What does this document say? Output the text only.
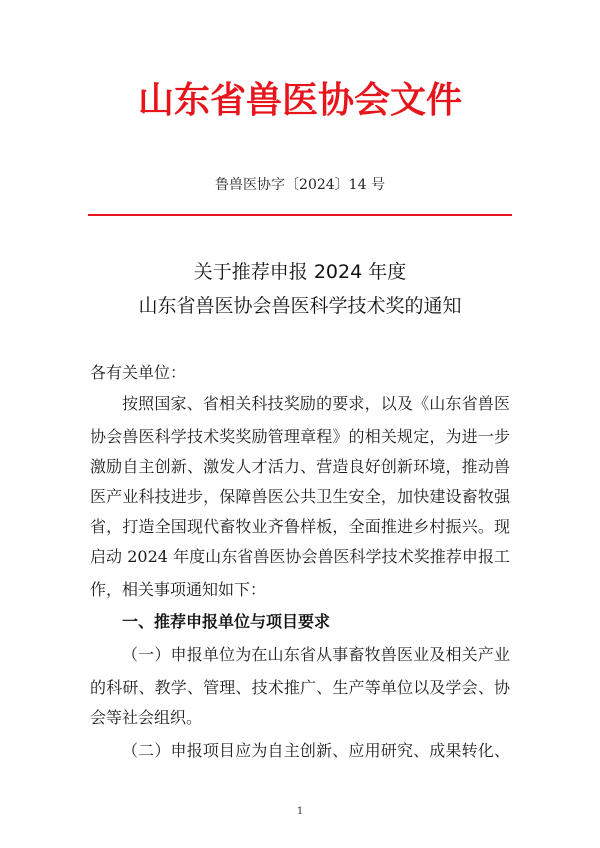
山东省兽医协会文件
鲁兽医协字〔2024〕14 号
关于推荐申报 2024 年度
山东省兽医协会兽医科学技术奖的通知
各有关单位：
按照国家、省相关科技奖励的要求，以及《山东省兽医
协会兽医科学技术奖奖励管理章程》的相关规定，为进一步
激励自主创新、激发人才活力、营造良好创新环境，推动兽
医产业科技进步，保障兽医公共卫生安全，加快建设畜牧强
省，打造全国现代畜牧业齐鲁样板，全面推进乡村振兴。现
启动 2024 年度山东省兽医协会兽医科学技术奖推荐申报工
作，相关事项通知如下：
一、推荐申报单位与项目要求
（一）申报单位为在山东省从事畜牧兽医业及相关产业
的科研、教学、管理、技术推广、生产等单位以及学会、协
会等社会组织。
（二）申报项目应为自主创新、应用研究、成果转化、
1
